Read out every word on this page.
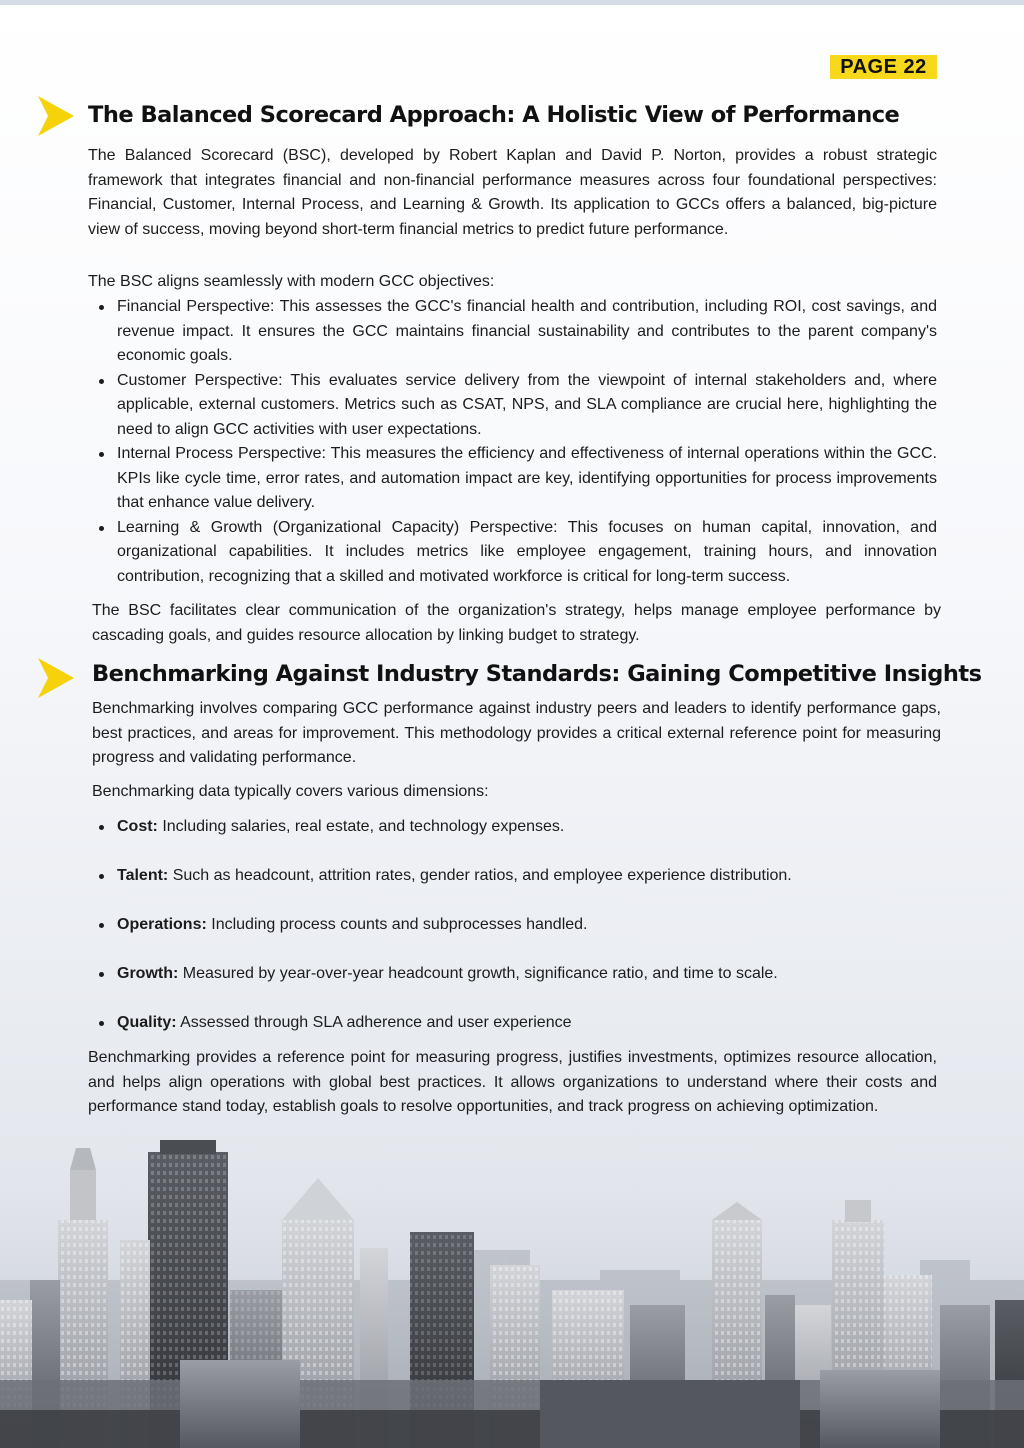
PAGE 22
The Balanced Scorecard Approach: A Holistic View of Performance
The Balanced Scorecard (BSC), developed by Robert Kaplan and David P. Norton, provides a robust strategic framework that integrates financial and non-financial performance measures across four foundational perspectives: Financial, Customer, Internal Process, and Learning & Growth. Its application to GCCs offers a balanced, big-picture view of success, moving beyond short-term financial metrics to predict future performance.
The BSC aligns seamlessly with modern GCC objectives:
Financial Perspective: This assesses the GCC's financial health and contribution, including ROI, cost savings, and revenue impact. It ensures the GCC maintains financial sustainability and contributes to the parent company's economic goals.
Customer Perspective: This evaluates service delivery from the viewpoint of internal stakeholders and, where applicable, external customers. Metrics such as CSAT, NPS, and SLA compliance are crucial here, highlighting the need to align GCC activities with user expectations.
Internal Process Perspective: This measures the efficiency and effectiveness of internal operations within the GCC. KPIs like cycle time, error rates, and automation impact are key, identifying opportunities for process improvements that enhance value delivery.
Learning & Growth (Organizational Capacity) Perspective: This focuses on human capital, innovation, and organizational capabilities. It includes metrics like employee engagement, training hours, and innovation contribution, recognizing that a skilled and motivated workforce is critical for long-term success.
The BSC facilitates clear communication of the organization's strategy, helps manage employee performance by cascading goals, and guides resource allocation by linking budget to strategy.
Benchmarking Against Industry Standards: Gaining Competitive Insights
Benchmarking involves comparing GCC performance against industry peers and leaders to identify performance gaps, best practices, and areas for improvement. This methodology provides a critical external reference point for measuring progress and validating performance.
Benchmarking data typically covers various dimensions:
Cost: Including salaries, real estate, and technology expenses.
Talent: Such as headcount, attrition rates, gender ratios, and employee experience distribution.
Operations: Including process counts and subprocesses handled.
Growth: Measured by year-over-year headcount growth, significance ratio, and time to scale.
Quality: Assessed through SLA adherence and user experience
Benchmarking provides a reference point for measuring progress, justifies investments, optimizes resource allocation, and helps align operations with global best practices. It allows organizations to understand where their costs and performance stand today, establish goals to resolve opportunities, and track progress on achieving optimization.
